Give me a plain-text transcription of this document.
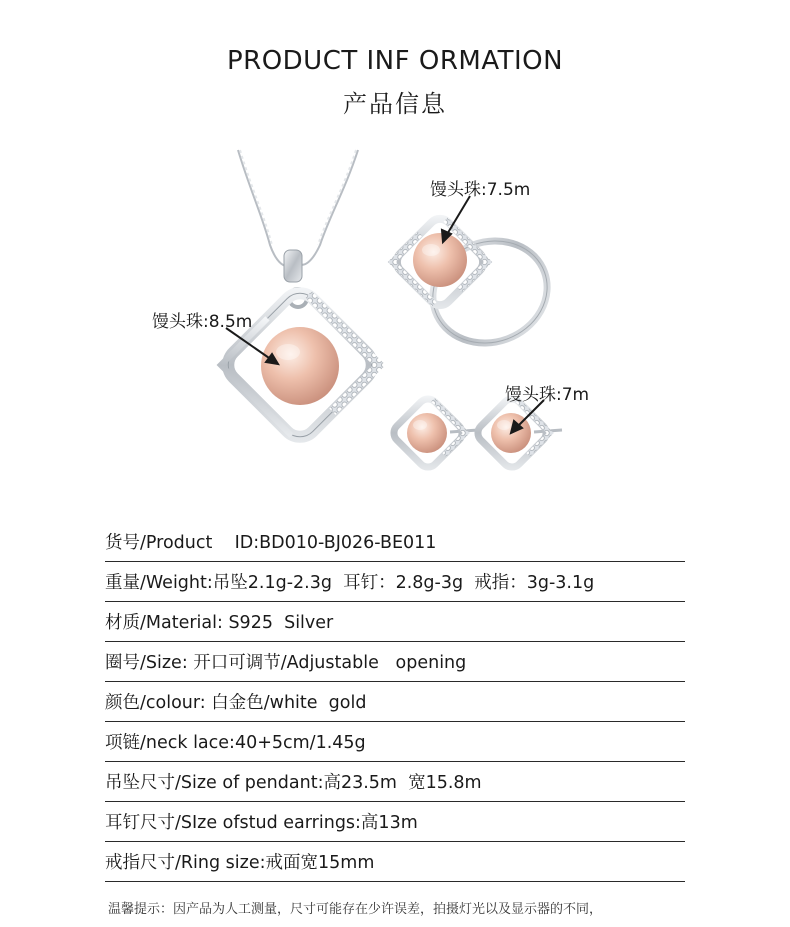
PRODUCT INF ORMATION
产品信息
馒头珠:8.5m
馒头珠:7.5m
馒头珠:7m
货号/Product    ID:BD010-BJ026-BE011
重量/Weight:吊坠2.1g-2.3g  耳钉：2.8g-3g  戒指：3g-3.1g
材质/Material: S925  Silver
圈号/Size: 开口可调节/Adjustable   opening
颜色/colour: 白金色/white  gold
项链/neck lace:40+5cm/1.45g
吊坠尺寸/Size of pendant:高23.5m  宽15.8m
耳钉尺寸/SIze ofstud earrings:高13m
戒指尺寸/Ring size:戒面宽15mm
温馨提示：因产品为人工测量，尺寸可能存在少许误差，拍摄灯光以及显示器的不同，
